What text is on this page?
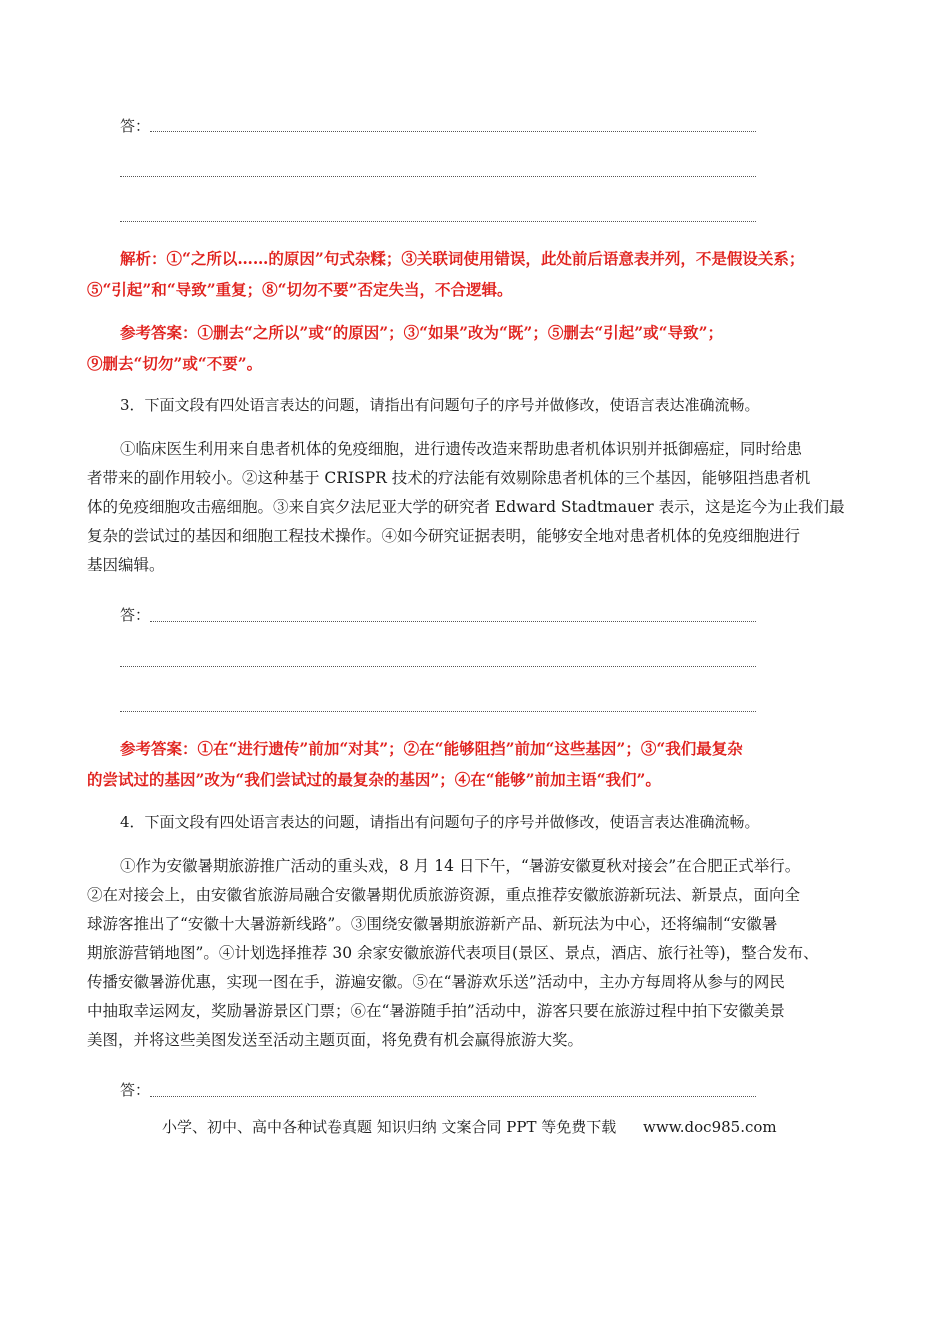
答：
解析：①“之所以……的原因”句式杂糅；③关联词使用错误，此处前后语意表并列，不是假设关系；
⑤“引起”和“导致”重复；⑧“切勿不要”否定失当，不合逻辑。
参考答案：①删去“之所以”或“的原因”；③“如果”改为“既”；⑤删去“引起”或“导致”；
⑨删去“切勿”或“不要”。
3．下面文段有四处语言表达的问题，请指出有问题句子的序号并做修改，使语言表达准确流畅。
①临床医生利用来自患者机体的免疫细胞，进行遗传改造来帮助患者机体识别并抵御癌症，同时给患
者带来的副作用较小。②这种基于 CRISPR 技术的疗法能有效剔除患者机体的三个基因，能够阻挡患者机
体的免疫细胞攻击癌细胞。③来自宾夕法尼亚大学的研究者 Edward Stadtmauer 表示，这是迄今为止我们最
复杂的尝试过的基因和细胞工程技术操作。④如今研究证据表明，能够安全地对患者机体的免疫细胞进行
基因编辑。
答：
参考答案：①在“进行遗传”前加“对其”；②在“能够阻挡”前加“这些基因”；③“我们最复杂
的尝试过的基因”改为“我们尝试过的最复杂的基因”；④在“能够”前加主语“我们”。
4．下面文段有四处语言表达的问题，请指出有问题句子的序号并做修改，使语言表达准确流畅。
①作为安徽暑期旅游推广活动的重头戏，8 月 14 日下午，“暑游安徽夏秋对接会”在合肥正式举行。
②在对接会上，由安徽省旅游局融合安徽暑期优质旅游资源，重点推荐安徽旅游新玩法、新景点，面向全
球游客推出了“安徽十大暑游新线路”。③围绕安徽暑期旅游新产品、新玩法为中心，还将编制“安徽暑
期旅游营销地图”。④计划选择推荐 30 余家安徽旅游代表项目(景区、景点，酒店、旅行社等)，整合发布、
传播安徽暑游优惠，实现一图在手，游遍安徽。⑤在“暑游欢乐送”活动中，主办方每周将从参与的网民
中抽取幸运网友，奖励暑游景区门票；⑥在“暑游随手拍”活动中，游客只要在旅游过程中拍下安徽美景
美图，并将这些美图发送至活动主题页面，将免费有机会赢得旅游大奖。
答：
小学、初中、高中各种试卷真题 知识归纳 文案合同 PPT 等免费下载 www.doc985.com
